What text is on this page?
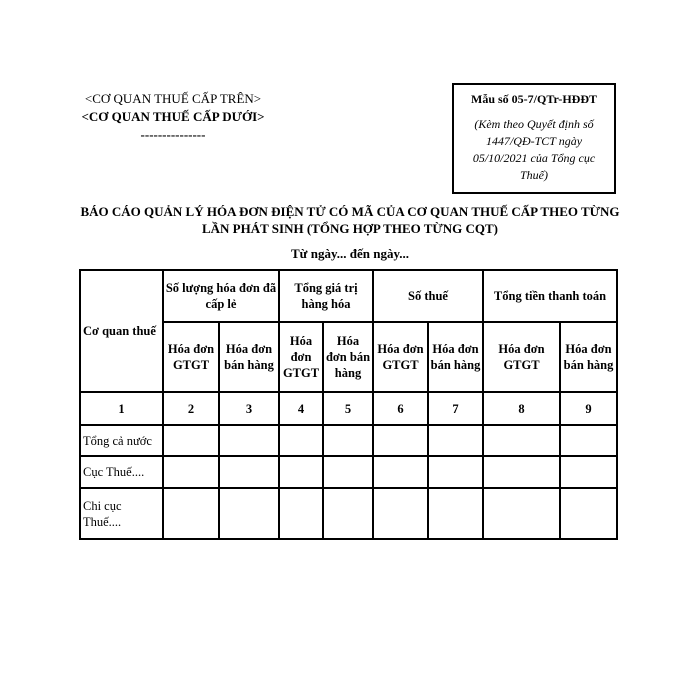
<CƠ QUAN THUẾ CẤP TRÊN>
<CƠ QUAN THUẾ CẤP DƯỚI>
---------------
Mẫu số 05-7/QTr-HĐĐT
(Kèm theo Quyết định số 1447/QĐ-TCT ngày 05/10/2021 của Tổng cục Thuế)
BÁO CÁO QUẢN LÝ HÓA ĐƠN ĐIỆN TỬ CÓ MÃ CỦA CƠ QUAN THUẾ CẤP THEO TỪNG LẦN PHÁT SINH (TỔNG HỢP THEO TỪNG CQT)
Từ ngày... đến ngày...
Cơ quan thuế	Số lượng hóa đơn đã cấp lẻ		Tổng giá trị hàng hóa		Số thuế		Tổng tiền thanh toán	
	Hóa đơn GTGT	Hóa đơn bán hàng	Hóa đơn GTGT	Hóa đơn bán hàng	Hóa đơn GTGT	Hóa đơn bán hàng	Hóa đơn GTGT	Hóa đơn bán hàng
1	2	3	4	5	6	7	8	9
Tổng cả nước								
Cục Thuế....								
Chi cục Thuế....								
